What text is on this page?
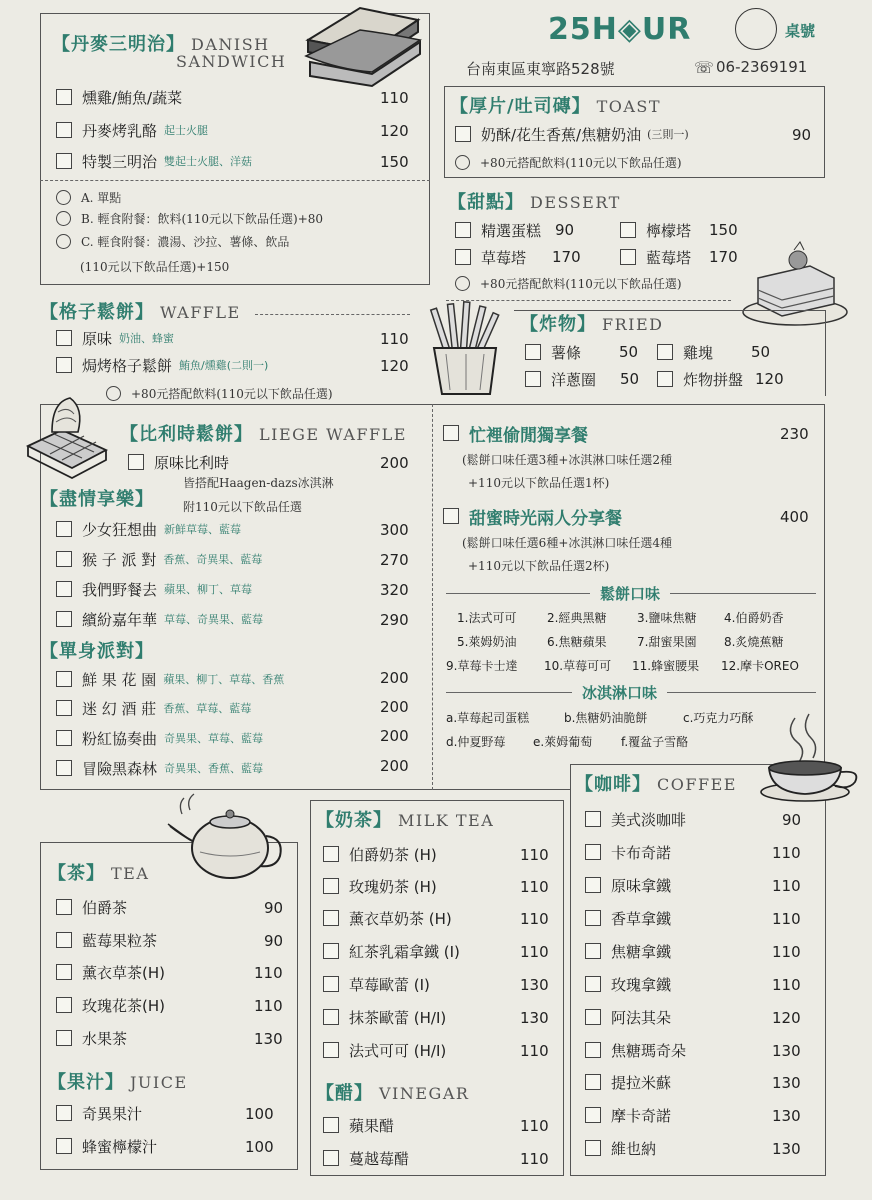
25H◈UR	桌號
台南東區東寧路528號	☏ 06-2369191
【丹麥三明治】 DANISH
SANDWICH
燻雞/鮪魚/蔬菜	110
丹麥烤乳酪 起士火腿	120
特製三明治 雙起士火腿、洋菇	150
A. 單點
B. 輕食附餐：飲料(110元以下飲品任選)+80
C. 輕食附餐：濃湯、沙拉、薯條、飲品
(110元以下飲品任選)+150
【厚片/吐司磚】 TOAST
奶酥/花生香蕉/焦糖奶油 (三則一)	90
+80元搭配飲料(110元以下飲品任選)
【甜點】 DESSERT
精選蛋糕 90	檸檬塔 150
草莓塔 170	藍莓塔 170
+80元搭配飲料(110元以下飲品任選)
【格子鬆餅】 WAFFLE
原味 奶油、蜂蜜	110
焗烤格子鬆餅 鮪魚/燻雞(二則一)	120
+80元搭配飲料(110元以下飲品任選)
【炸物】 FRIED
薯條	50	雞塊	50
洋蔥圈 50	炸物拼盤 120
【比利時鬆餅】 LIEGE WAFFLE
原味比利時	200
【盡情享樂】
皆搭配Haagen-dazs冰淇淋
附110元以下飲品任選
少女狂想曲 新鮮草莓、藍莓	300
猴 子 派 對 香蕉、奇異果、藍莓	270
我們野餐去 蘋果、柳丁、草莓	320
繽紛嘉年華 草莓、奇異果、藍莓	290
【單身派對】
鮮 果 花 園 蘋果、柳丁、草莓、香蕉	200
迷 幻 酒 莊 香蕉、草莓、藍莓	200
粉紅協奏曲 奇異果、草莓、藍莓	200
冒險黑森林 奇異果、香蕉、藍莓	200
忙裡偷閒獨享餐	230
(鬆餅口味任選3種+冰淇淋口味任選2種
+110元以下飲品任選1杯)
甜蜜時光兩人分享餐	400
(鬆餅口味任選6種+冰淇淋口味任選4種
+110元以下飲品任選2杯)
鬆餅口味
1.法式可可	2.經典黑糖	3.鹽味焦糖 4.伯爵奶香
5.萊姆奶油	6.焦糖蘋果	7.甜蜜果園 8.炙燒蕉糖
9.草莓卡士達 10.草莓可可 11.蜂蜜腰果 12.摩卡OREO
冰淇淋口味
a.草莓起司蛋糕	b.焦糖奶油脆餅	c.巧克力巧酥
d.仲夏野莓 e.萊姆葡萄 f.覆盆子雪酪
【咖啡】 COFFEE
美式淡咖啡	90
卡布奇諾	110
原味拿鐵	110
香草拿鐵	110
焦糖拿鐵	110
玫瑰拿鐵	110
阿法其朵	120
焦糖瑪奇朵	130
提拉米蘇	130
摩卡奇諾	130
維也納	130
【茶】 TEA
伯爵茶	90
藍莓果粒茶	90
薰衣草茶(H)	110
玫瑰花茶(H)	110
水果茶	130
【果汁】 JUICE
奇異果汁	100
蜂蜜檸檬汁	100
【奶茶】 MILK TEA
伯爵奶茶 (H)	110
玫瑰奶茶 (H)	110
薰衣草奶茶 (H)	110
紅茶乳霜拿鐵 (I)	110
草莓歐蕾 (I)	130
抹茶歐蕾 (H/I)	130
法式可可 (H/I)	110
【醋】 VINEGAR
蘋果醋	110
蔓越莓醋	110
